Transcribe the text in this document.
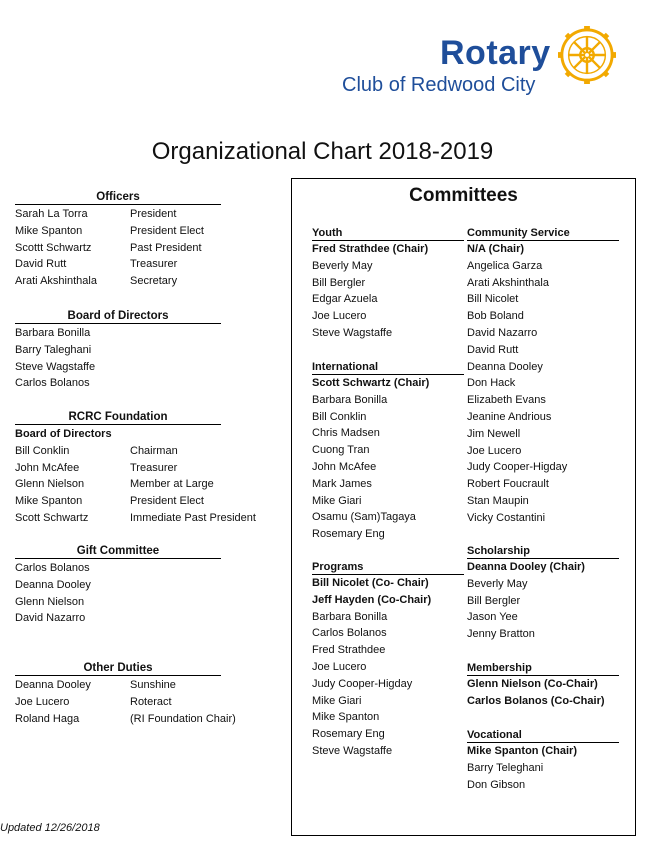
Rotary
Club of Redwood City
Organizational Chart 2018-2019
Officers
Sarah La Torra	President
Mike Spanton	President Elect
Scottt Schwartz	Past President
David Rutt	Treasurer
Arati Akshinthala	Secretary
Board of Directors
Barbara Bonilla
Barry Taleghani
Steve Wagstaffe
Carlos Bolanos
RCRC Foundation
Board of Directors
Bill Conklin	Chairman
John McAfee	Treasurer
Glenn Nielson	Member at Large
Mike Spanton	President Elect
Scott Schwartz	Immediate Past President
Gift Committee
Carlos Bolanos
Deanna Dooley
Glenn Nielson
David Nazarro
Other Duties
Deanna Dooley	Sunshine
Joe Lucero	Roteract
Roland Haga	(RI Foundation Chair)
Committees
Youth
Fred Strathdee (Chair)
Beverly May
Bill Bergler
Edgar Azuela
Joe Lucero
Steve Wagstaffe
International
Scott Schwartz (Chair)
Barbara Bonilla
Bill Conklin
Chris Madsen
Cuong Tran
John McAfee
Mark James
Mike Giari
Osamu (Sam)Tagaya
Rosemary Eng
Programs
Bill Nicolet (Co- Chair)
Jeff Hayden (Co-Chair)
Barbara Bonilla
Carlos Bolanos
Fred Strathdee
Joe Lucero
Judy Cooper-Higday
Mike Giari
Mike Spanton
Rosemary Eng
Steve Wagstaffe
Community Service
N/A (Chair)
Angelica Garza
Arati Akshinthala
Bill Nicolet
Bob Boland
David Nazarro
David Rutt
Deanna Dooley
Don Hack
Elizabeth Evans
Jeanine Andrious
Jim Newell
Joe Lucero
Judy Cooper-Higday
Robert Foucrault
Stan Maupin
Vicky Costantini
Scholarship
Deanna Dooley (Chair)
Beverly May
Bill Bergler
Jason Yee
Jenny Bratton
Membership
Glenn Nielson (Co-Chair)
Carlos Bolanos (Co-Chair)
Vocational
Mike Spanton (Chair)
Barry Teleghani
Don Gibson
Updated 12/26/2018
